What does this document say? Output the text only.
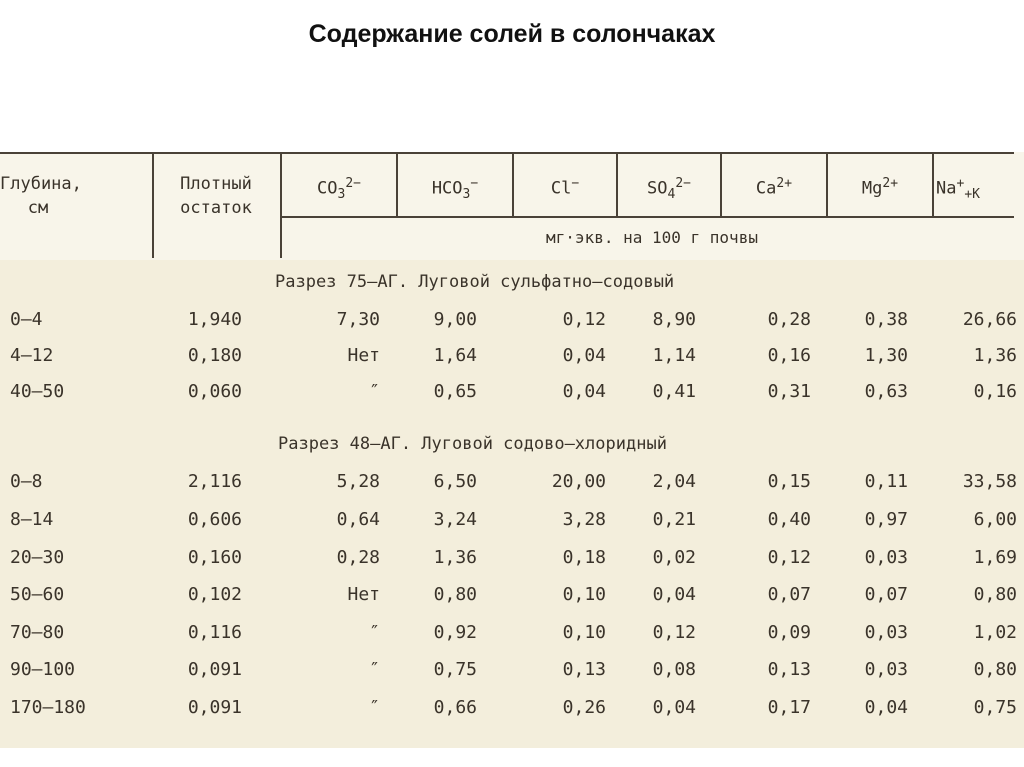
Содержание солей в солончаках
Глубина,
см
Плотный
остаток
$CO_3^{2-}$	$HCO_3^-$	Cl−	$SO_4^{2-}$	$Ca^{2+}$	$Mg^{2+}$	$Na^+_{+K}$
мг·экв. на 100 г почвы
Разрез 75–АГ. Луговой сульфатно–содовый
0–4	1,940	7,30	9,00	0,12	8,90	0,28	0,38	26,66
4–12	0,180	Нет	1,64	0,04	1,14	0,16	1,30	1,36
40–50	0,060	″	0,65	0,04	0,41	0,31	0,63	0,16
Разрез 48–АГ. Луговой содово–хлоридный
0–8	2,116	5,28	6,50	20,00	2,04	0,15	0,11	33,58
8–14	0,606	0,64	3,24	3,28	0,21	0,40	0,97	6,00
20–30	0,160	0,28	1,36	0,18	0,02	0,12	0,03	1,69
50–60	0,102	Нет	0,80	0,10	0,04	0,07	0,07	0,80
70–80	0,116	″	0,92	0,10	0,12	0,09	0,03	1,02
90–100	0,091	″	0,75	0,13	0,08	0,13	0,03	0,80
170–180	0,091	″	0,66	0,26	0,04	0,17	0,04	0,75
